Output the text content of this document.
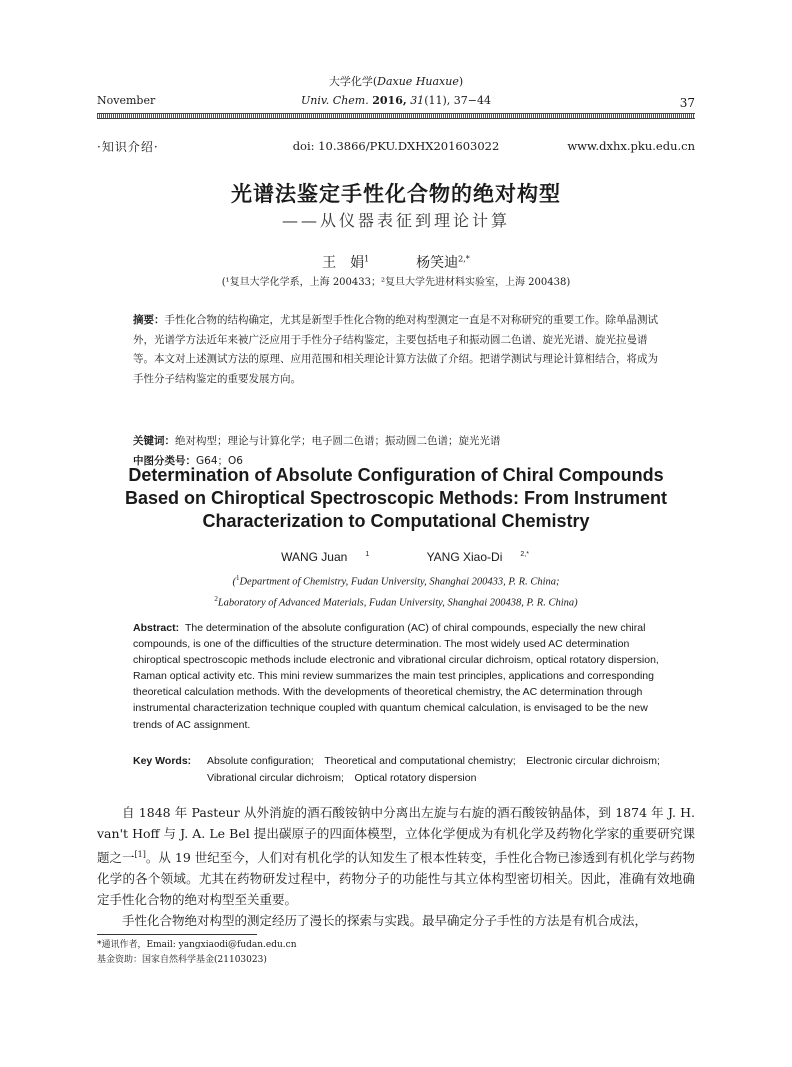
大学化学(Daxue Huaxue)
November	Univ. Chem. 2016, 31(11), 37−44	37
·知识介绍·	doi: 10.3866/PKU.DXHX201603022	www.dxhx.pku.edu.cn
光谱法鉴定手性化合物的绝对构型
——从仪器表征到理论计算
王　娟$^1$	杨笑迪$^{2,*}$
(¹复旦大学化学系，上海 200433；²复旦大学先进材料实验室，上海 200438)
摘要：手性化合物的结构确定，尤其是新型手性化合物的绝对构型测定一直是不对称研究的重要工作。除单晶测试外，光谱学方法近年来被广泛应用于手性分子结构鉴定，主要包括电子和振动圆二色谱、旋光光谱、旋光拉曼谱等。本文对上述测试方法的原理、应用范围和相关理论计算方法做了介绍。把谱学测试与理论计算相结合，将成为手性分子结构鉴定的重要发展方向。
关键词：绝对构型；理论与计算化学；电子圆二色谱；振动圆二色谱；旋光光谱
中图分类号：G64；O6
Determination of Absolute Configuration of Chiral Compounds
Based on Chiroptical Spectroscopic Methods: From Instrument
Characterization to Computational Chemistry
WANG Juan	$^1$	YANG Xiao-Di	$^{2,*}$
($^1$Department of Chemistry, Fudan University, Shanghai 200433, P. R. China;
$^2$Laboratory of Advanced Materials, Fudan University, Shanghai 200438, P. R. China)
Abstract: The determination of the absolute configuration (AC) of chiral compounds, especially the new chiral compounds, is one of the difficulties of the structure determination. The most widely used AC determination chiroptical spectroscopic methods include electronic and vibrational circular dichroism, optical rotatory dispersion, Raman optical activity etc. This mini review summarizes the main test principles, applications and corresponding theoretical calculation methods. With the developments of theoretical chemistry, the AC determination through instrumental characterization technique coupled with quantum chemical calculation, is envisaged to be the new trends of AC assignment.
Key Words:	Absolute configuration;　Theoretical and computational chemistry;　Electronic circular dichroism;　Vibrational circular dichroism;　Optical rotatory dispersion

自 1848 年 Pasteur 从外消旋的酒石酸铵钠中分离出左旋与右旋的酒石酸铵钠晶体，到 1874 年 J. H. van't Hoff 与 J. A. Le Bel 提出碳原子的四面体模型，立体化学便成为有机化学及药物化学家的重要研究课题之一[1]。从 19 世纪至今，人们对有机化学的认知发生了根本性转变，手性化合物已渗透到有机化学与药物化学的各个领域。尤其在药物研发过程中，药物分子的功能性与其立体构型密切相关。因此，准确有效地确定手性化合物的绝对构型至关重要。

手性化合物绝对构型的测定经历了漫长的探索与实践。最早确定分子手性的方法是有机合成法，

*通讯作者，Email: yangxiaodi@fudan.edu.cn
基金资助：国家自然科学基金(21103023)
